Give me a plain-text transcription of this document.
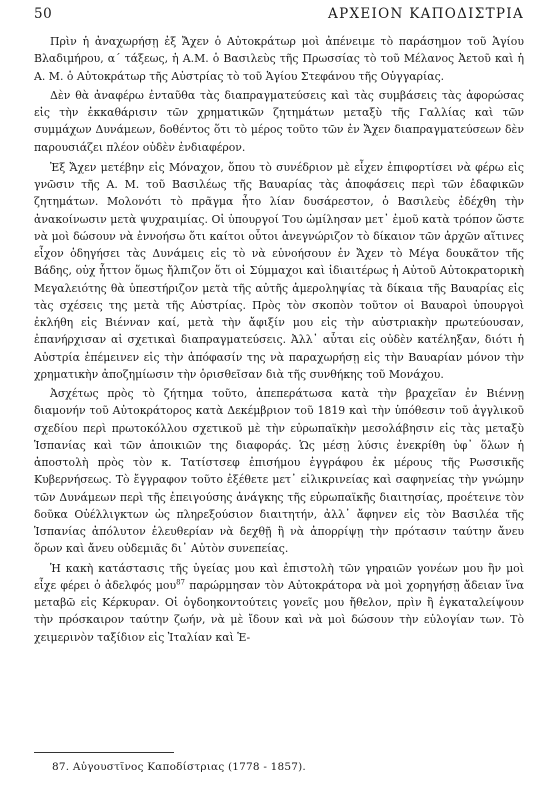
50	ΑΡΧΕΙΟΝ ΚΑΠΟΔΙΣΤΡΙΑ

Πρὶν ἡ ἀναχωρήσῃ ἐξ Ἄχεν ὁ Αὐτοκράτωρ μοὶ ἀπένειμε τὸ παράσημον τοῦ Ἁγίου Βλαδιμήρου, α΄ τάξεως, ἡ Α.Μ. ὁ Βασιλεὺς τῆς Πρωσσίας τὸ τοῦ Μέλανος Ἀετοῦ καὶ ἡ Α. Μ. ὁ Αὐτοκράτωρ τῆς Αὐστρίας τὸ τοῦ Ἁγίου Στεφάνου τῆς Οὐγγαρίας.

Δὲν θὰ ἀναφέρω ἐνταῦθα τὰς διαπραγματεύσεις καὶ τὰς συμβάσεις τὰς ἀφορώσας εἰς τὴν ἐκκαθάρισιν τῶν χρηματικῶν ζητημάτων μεταξὺ τῆς Γαλλίας καὶ τῶν συμμάχων Δυνάμεων, δοθέντος ὅτι τὸ μέρος τοῦτο τῶν ἐν Ἄχεν διαπραγματεύσεων δὲν παρουσιάζει πλέον οὐδὲν ἐνδιαφέρον.

Ἐξ Ἄχεν μετέβην εἰς Μόναχον, ὅπου τὸ συνέδριον μὲ εἶχεν ἐπιφορτίσει νὰ φέρω εἰς γνῶσιν τῆς Α. Μ. τοῦ Βασιλέως τῆς Βαυαρίας τὰς ἀποφάσεις περὶ τῶν ἐδαφικῶν ζητημάτων. Μολονότι τὸ πρᾶγμα ἦτο λίαν δυσάρεστον, ὁ Βασιλεὺς ἐδέχθη τὴν ἀνακοίνωσιν μετὰ ψυχραιμίας. Οἱ ὑπουργοί Του ὡμίλησαν μετ᾿ ἐμοῦ κατὰ τρόπον ὥστε νὰ μοὶ δώσουν νὰ ἐννοήσω ὅτι καίτοι οὗτοι ἀνεγνώριζον τὸ δίκαιον τῶν ἀρχῶν αἵτινες εἶχον ὁδηγήσει τὰς Δυνάμεις εἰς τὸ νὰ εὐνοήσουν ἐν Ἄχεν τὸ Μέγα δουκᾶτον τῆς Βάδης, οὐχ ἧττον ὅμως ἤλπιζον ὅτι οἱ Σύμμαχοι καὶ ἰδιαιτέρως ἡ Αὐτοῦ Αὐτοκρατορικὴ Μεγαλειότης θὰ ὑπεστήριζον μετὰ τῆς αὐτῆς ἀμεροληψίας τὰ δίκαια τῆς Βαυαρίας εἰς τὰς σχέσεις της μετὰ τῆς Αὐστρίας. Πρὸς τὸν σκοπὸν τοῦτον οἱ Βαυαροὶ ὑπουργοὶ ἐκλήθη εἰς Βιένναν καί, μετὰ τὴν ἄφιξίν μου εἰς τὴν αὐστριακὴν πρωτεύουσαν, ἐπανήρχισαν αἱ σχετικαὶ διαπραγματεύσεις. Ἀλλ᾿ αὗται εἰς οὐδὲν κατέληξαν, διότι ἡ Αὐστρία ἐπέμεινεν εἰς τὴν ἀπόφασίν της νὰ παραχωρήσῃ εἰς τὴν Βαυαρίαν μόνον τὴν χρηματικὴν ἀποζημίωσιν τὴν ὁρισθεῖσαν διὰ τῆς συνθήκης τοῦ Μονάχου.

Ἀσχέτως πρὸς τὸ ζήτημα τοῦτο, ἀπεπεράτωσα κατὰ τὴν βραχεῖαν ἐν Βιέννῃ διαμονήν τοῦ Αὐτοκράτορος κατὰ Δεκέμβριον τοῦ 1819 καὶ τὴν ὑπόθεσιν τοῦ ἀγγλικοῦ σχεδίου περὶ πρωτοκόλλου σχετικοῦ μὲ τὴν εὐρωπαϊκὴν μεσολάβησιν εἰς τὰς μεταξὺ Ἱσπανίας καὶ τῶν ἀποικιῶν της διαφοράς. Ὡς μέσῃ λύσις ἐνεκρίθη ὑφ᾿ ὅλων ἡ ἀποστολὴ πρὸς τὸν κ. Τατίστσεφ ἐπισήμου ἐγγράφου ἐκ μέρους τῆς Ρωσσικῆς Κυβερνήσεως. Τὸ ἔγγραφον τοῦτο ἐξέθετε μετ᾿ εἰλικρινείας καὶ σαφηνείας τὴν γνώμην τῶν Δυνάμεων περὶ τῆς ἐπειγούσης ἀνάγκης τῆς εὐρωπαϊκῆς διαιτησίας, προέτεινε τὸν δοῦκα Οὐέλλιγκτων ὡς πληρεξούσιον διαιτητήν, ἀλλ᾿ ἄφηνεν εἰς τὸν Βασιλέα τῆς Ἱσπανίας ἀπόλυτον ἐλευθερίαν νὰ δεχθῇ ἢ νὰ ἀπορρίψῃ τὴν πρότασιν ταύτην ἄνευ ὅρων καὶ ἄνευ οὐδεμιᾶς δι᾿ Αὐτὸν συνεπείας.

Ἡ κακὴ κατάστασις τῆς ὑγείας μου καὶ ἐπιστολὴ τῶν γηραιῶν γονέων μου ἣν μοὶ εἶχε φέρει ὁ ἀδελφός μου$^{87}$ παρώρμησαν τὸν Αὐτοκράτορα νὰ μοὶ χορηγήσῃ ἄδειαν ἵνα μεταβῶ εἰς Κέρκυραν. Οἱ ὀγδοηκοντούτεις γονεῖς μου ἤθελον, πρὶν ἢ ἐγκαταλείψουν τὴν πρόσκαιρον ταύτην ζωήν, νὰ μὲ ἴδουν καὶ νὰ μοὶ δώσουν τὴν εὐλογίαν των. Τὸ χειμερινὸν ταξίδιον εἰς Ἰταλίαν καὶ Ἑ-

87. Αὐγουστῖνος Καποδίστριας (1778 - 1857).
